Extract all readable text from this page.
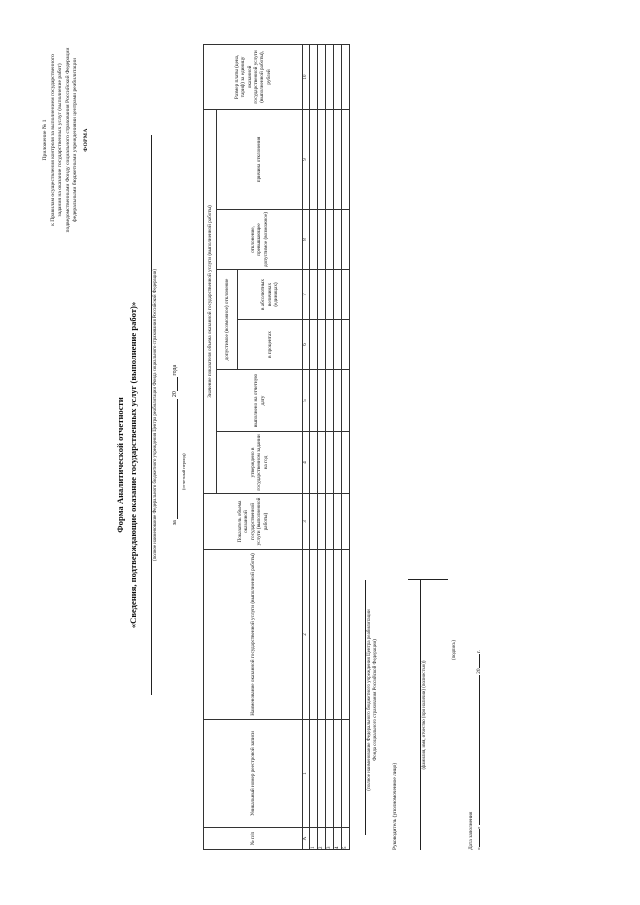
Приложение № 1 к Правилам осуществления контроля за выполнением государственного задания на оказание государственных услуг (выполнение работ) подведомственными Фонду социального страхования Российской Федерации федеральными бюджетными учреждениями центрами реабилитации ФОРМА
Форма Аналитической отчетности «Сведения, подтверждающие оказание государственных услуг (выполнение работ)»	(полное наименование Федерального бюджетного учреждения Центра реабилитации Фонда социального страхования Российской Федерации) за  20 года
(отчетный период)
№ п/п	Уникальный номер реестровой записи	Наименование оказанной государственной услуги (выполненной работы)	Показатель объема оказанной государственной услуги (выполненной работы)	Значение показателя объема оказанной государственной услуги (выполненной работы)						Размер платы (цена, тариф) за единицу оказанной государственной услуги (выполненной работы), рублей
				утверждено в государственном задании на год	выполнено на отчетную дату	допустимое (возможное) отклонение		отклонение, превышающее допустимое (возможное)	причина отклонения	
						в процентах	в абсолютных величинах (единицах)			
А	1	2	3	4	5	6	7	8	9	10
1										
2										
3										
4										
5										
(полное наименование Федерального бюджетного учреждения Центра реабилитации
Фонда социального страхования Российской Федерации)
Руководитель (уполномоченное лицо)
(фамилия, имя, отчество (при наличии) (полностью))
(подпись)
Дата заполнения «»  20 г.
